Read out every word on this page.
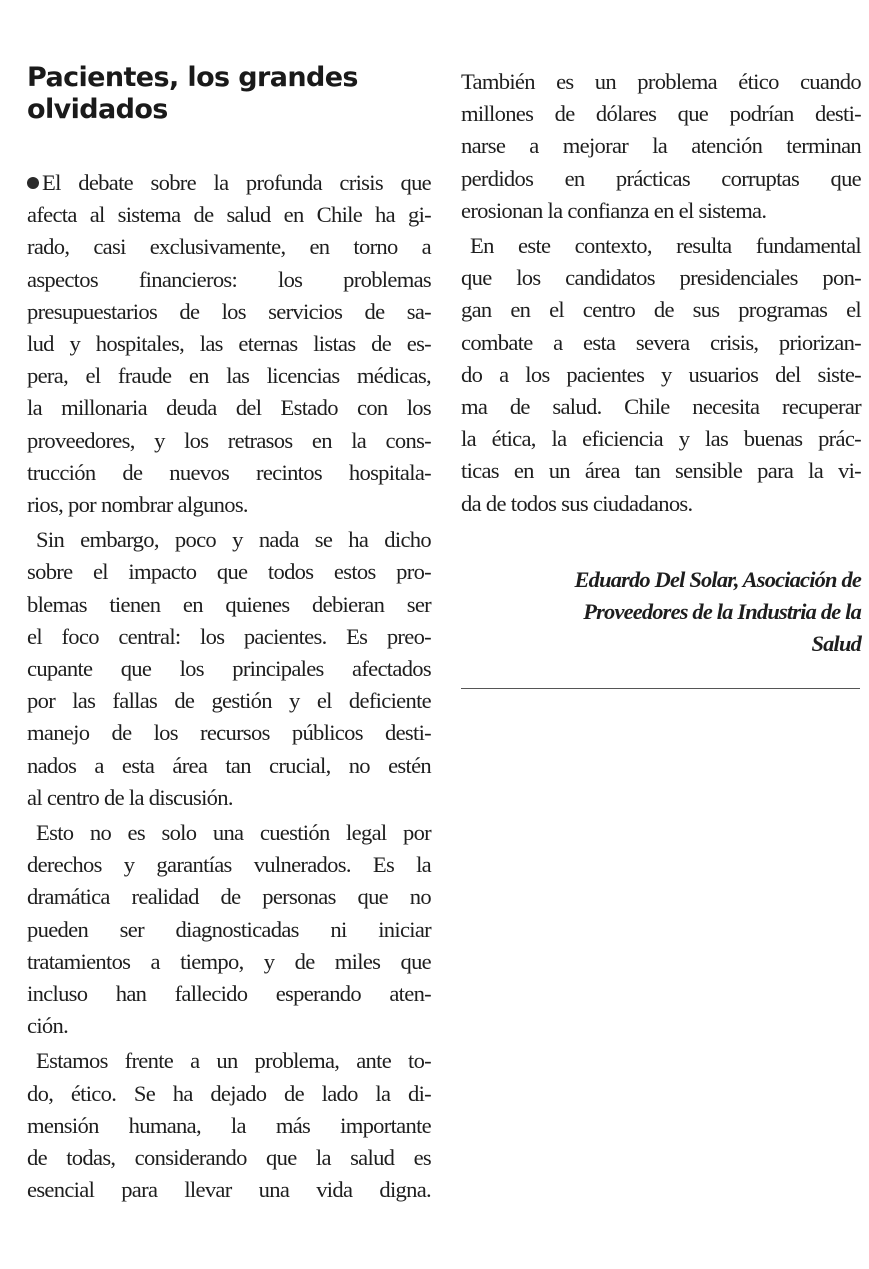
Pacientes, los grandes
olvidados
El debate sobre la profunda crisis que
afecta al sistema de salud en Chile ha gi-
rado, casi exclusivamente, en torno a
aspectos financieros: los problemas
presupuestarios de los servicios de sa-
lud y hospitales, las eternas listas de es-
pera, el fraude en las licencias médicas,
la millonaria deuda del Estado con los
proveedores, y los retrasos en la cons-
trucción de nuevos recintos hospitala-
rios, por nombrar algunos.
Sin embargo, poco y nada se ha dicho
sobre el impacto que todos estos pro-
blemas tienen en quienes debieran ser
el foco central: los pacientes. Es preo-
cupante que los principales afectados
por las fallas de gestión y el deficiente
manejo de los recursos públicos desti-
nados a esta área tan crucial, no estén
al centro de la discusión.
Esto no es solo una cuestión legal por
derechos y garantías vulnerados. Es la
dramática realidad de personas que no
pueden ser diagnosticadas ni iniciar
tratamientos a tiempo, y de miles que
incluso han fallecido esperando aten-
ción.
Estamos frente a un problema, ante to-
do, ético. Se ha dejado de lado la di-
mensión humana, la más importante
de todas, considerando que la salud es
esencial para llevar una vida digna.
También es un problema ético cuando
millones de dólares que podrían desti-
narse a mejorar la atención terminan
perdidos en prácticas corruptas que
erosionan la confianza en el sistema.
En este contexto, resulta fundamental
que los candidatos presidenciales pon-
gan en el centro de sus programas el
combate a esta severa crisis, priorizan-
do a los pacientes y usuarios del siste-
ma de salud. Chile necesita recuperar
la ética, la eficiencia y las buenas prác-
ticas en un área tan sensible para la vi-
da de todos sus ciudadanos.
Eduardo Del Solar, Asociación de
Proveedores de la Industria de la
Salud
